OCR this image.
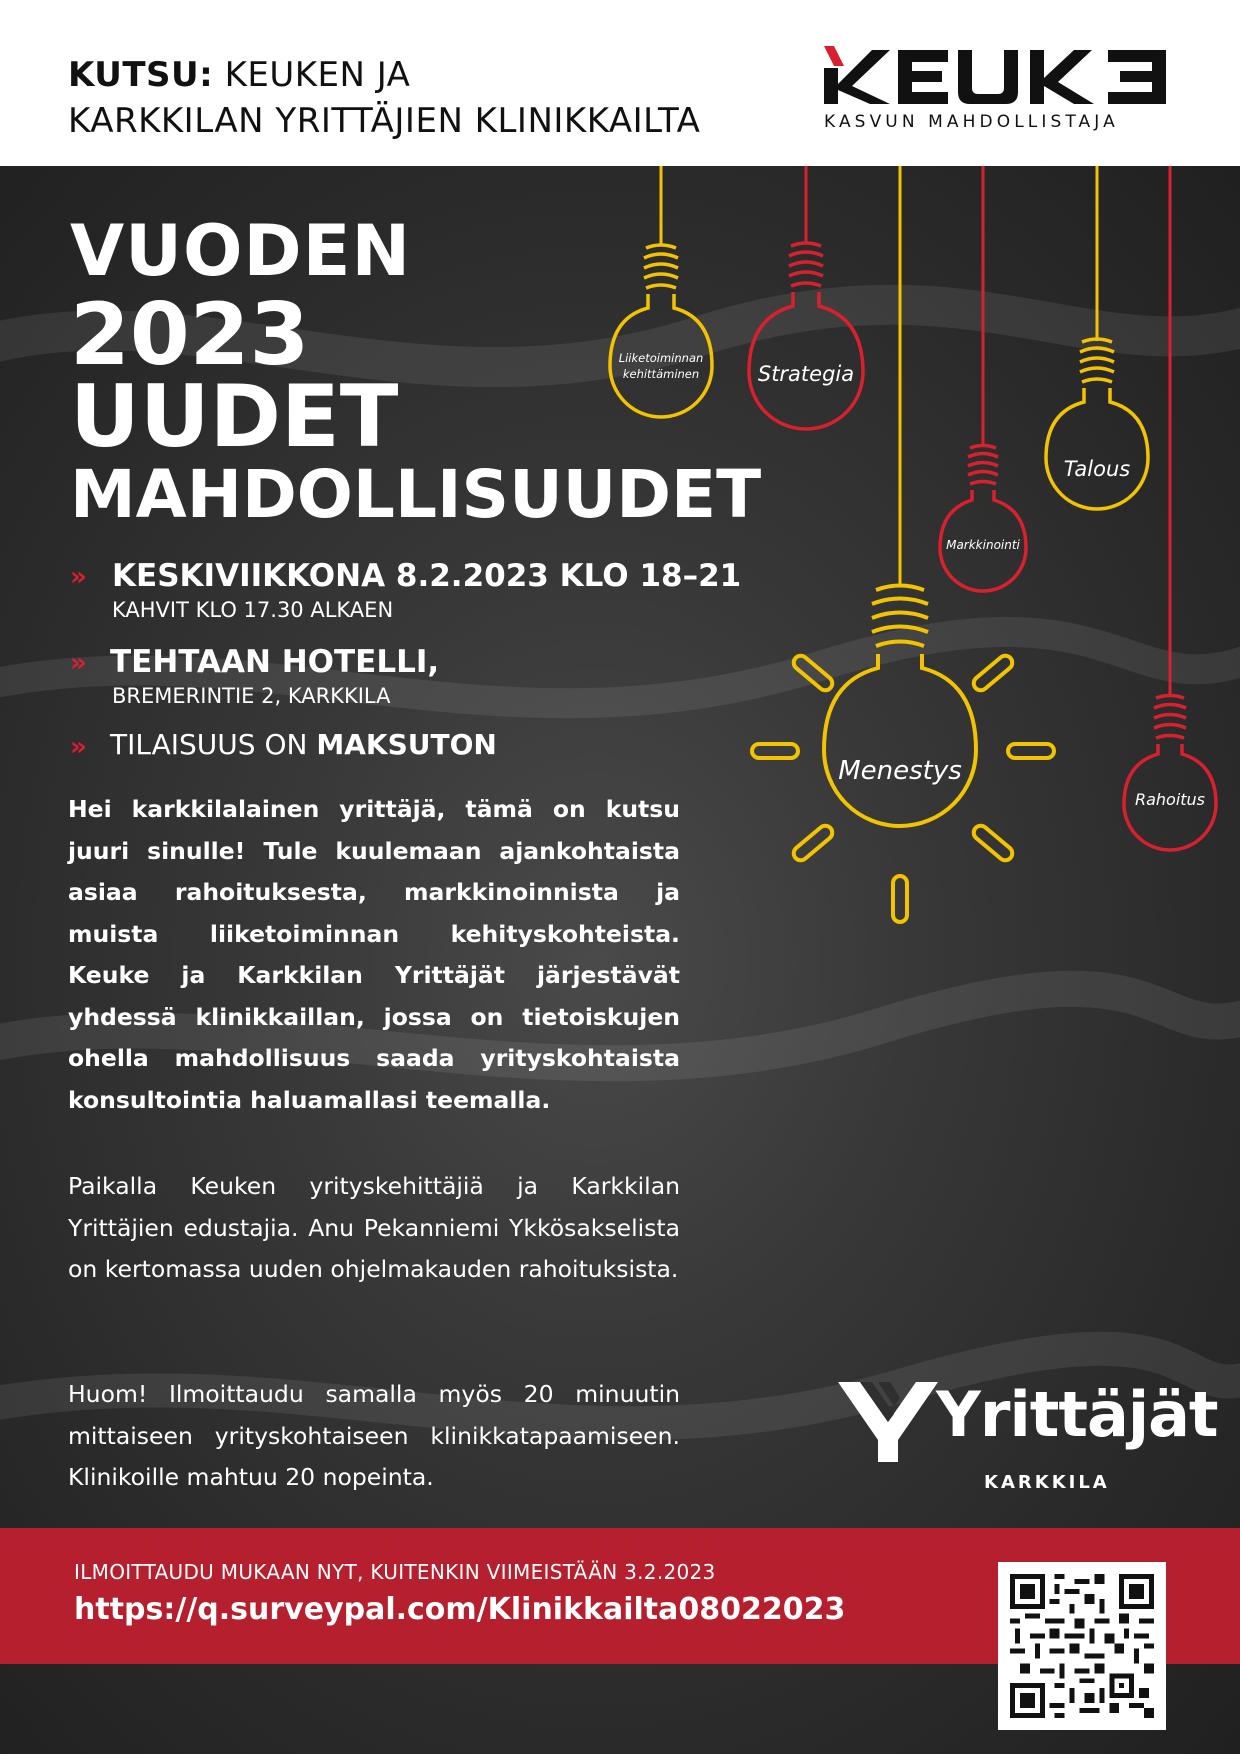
KUTSU: KEUKEN JA
KARKKILAN YRITTÄJIEN KLINIKKAILTA	KASVUN MAHDOLLISTAJA
VUODEN
2023
UUDET
MAHDOLLISUUDET
» KESKIVIIKKONA 8.2.2023 KLO 18–21
KAHVIT KLO 17.30 ALKAEN
» TEHTAAN HOTELLI,
BREMERINTIE 2, KARKKILA
» TILAISUUS ON MAKSUTON
Hei karkkilalainen yrittäjä, tämä on kutsu juuri sinulle! Tule kuulemaan ajankohtaista asiaa rahoituksesta, markkinoinnista ja muista liiketoiminnan kehityskohteista. Keuke ja Karkkilan Yrittäjät järjestävät yhdessä klinikkaillan, jossa on tietoiskujen ohella mahdollisuus saada yrityskohtaista konsultointia haluamallasi teemalla.
Paikalla Keuken yrityskehittäjiä ja Karkkilan Yrittäjien edustajia. Anu Pekanniemi Ykkösakselista on kertomassa uuden ohjelmakauden rahoituksista.
Huom! Ilmoittaudu samalla myös 20 minuutin mittaiseen yrityskohtaiseen klinikkatapaamiseen. Klinikoille mahtuu 20 nopeinta.
Liiketoiminnan
kehittäminen	Strategia
Talous
Markkinointi
Menestys
Rahoitus
Yrittäjät
KARKKILA
ILMOITTAUDU MUKAAN NYT, KUITENKIN VIIMEISTÄÄN 3.2.2023
https://q.surveypal.com/Klinikkailta08022023
